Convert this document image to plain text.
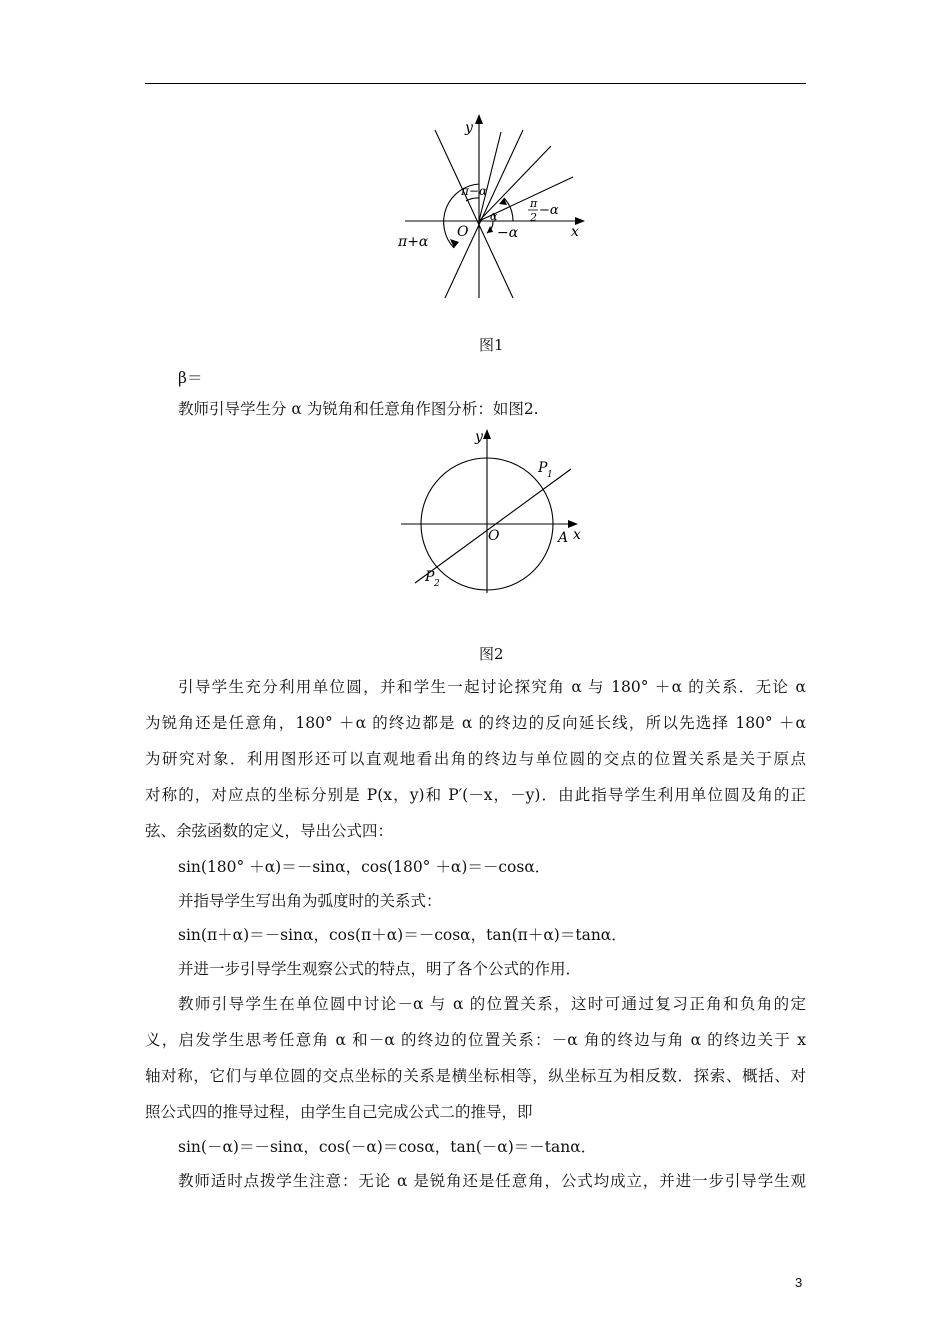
y
x
O
π−α
π
2 −α
α
−α
π+α
图1
β＝
教师引导学生分 α 为锐角和任意角作图分析：如图2.
y
x
O	A
P 1
P 2
图2
引导学生充分利用单位圆，并和学生一起讨论探究角 α 与 180° ＋α 的关系．无论 α
为锐角还是任意角，180° ＋α 的终边都是 α 的终边的反向延长线，所以先选择 180° ＋α
为研究对象．利用图形还可以直观地看出角的终边与单位圆的交点的位置关系是关于原点
对称的，对应点的坐标分别是 P(x，y)和 P′(－x，－y)．由此指导学生利用单位圆及角的正
弦、余弦函数的定义，导出公式四：
sin(180° ＋α)＝－sinα，cos(180° ＋α)＝－cosα．
并指导学生写出角为弧度时的关系式：
sin(π＋α)＝－sinα，cos(π＋α)＝－cosα，tan(π＋α)＝tanα．
并进一步引导学生观察公式的特点，明了各个公式的作用．
教师引导学生在单位圆中讨论－α 与 α 的位置关系，这时可通过复习正角和负角的定
义，启发学生思考任意角 α 和－α 的终边的位置关系：－α 角的终边与角 α 的终边关于 x
轴对称，它们与单位圆的交点坐标的关系是横坐标相等，纵坐标互为相反数．探索、概括、对
照公式四的推导过程，由学生自己完成公式二的推导，即
sin(－α)＝－sinα，cos(－α)＝cosα，tan(－α)＝－tanα．
教师适时点拨学生注意：无论 α 是锐角还是任意角，公式均成立，并进一步引导学生观
3
